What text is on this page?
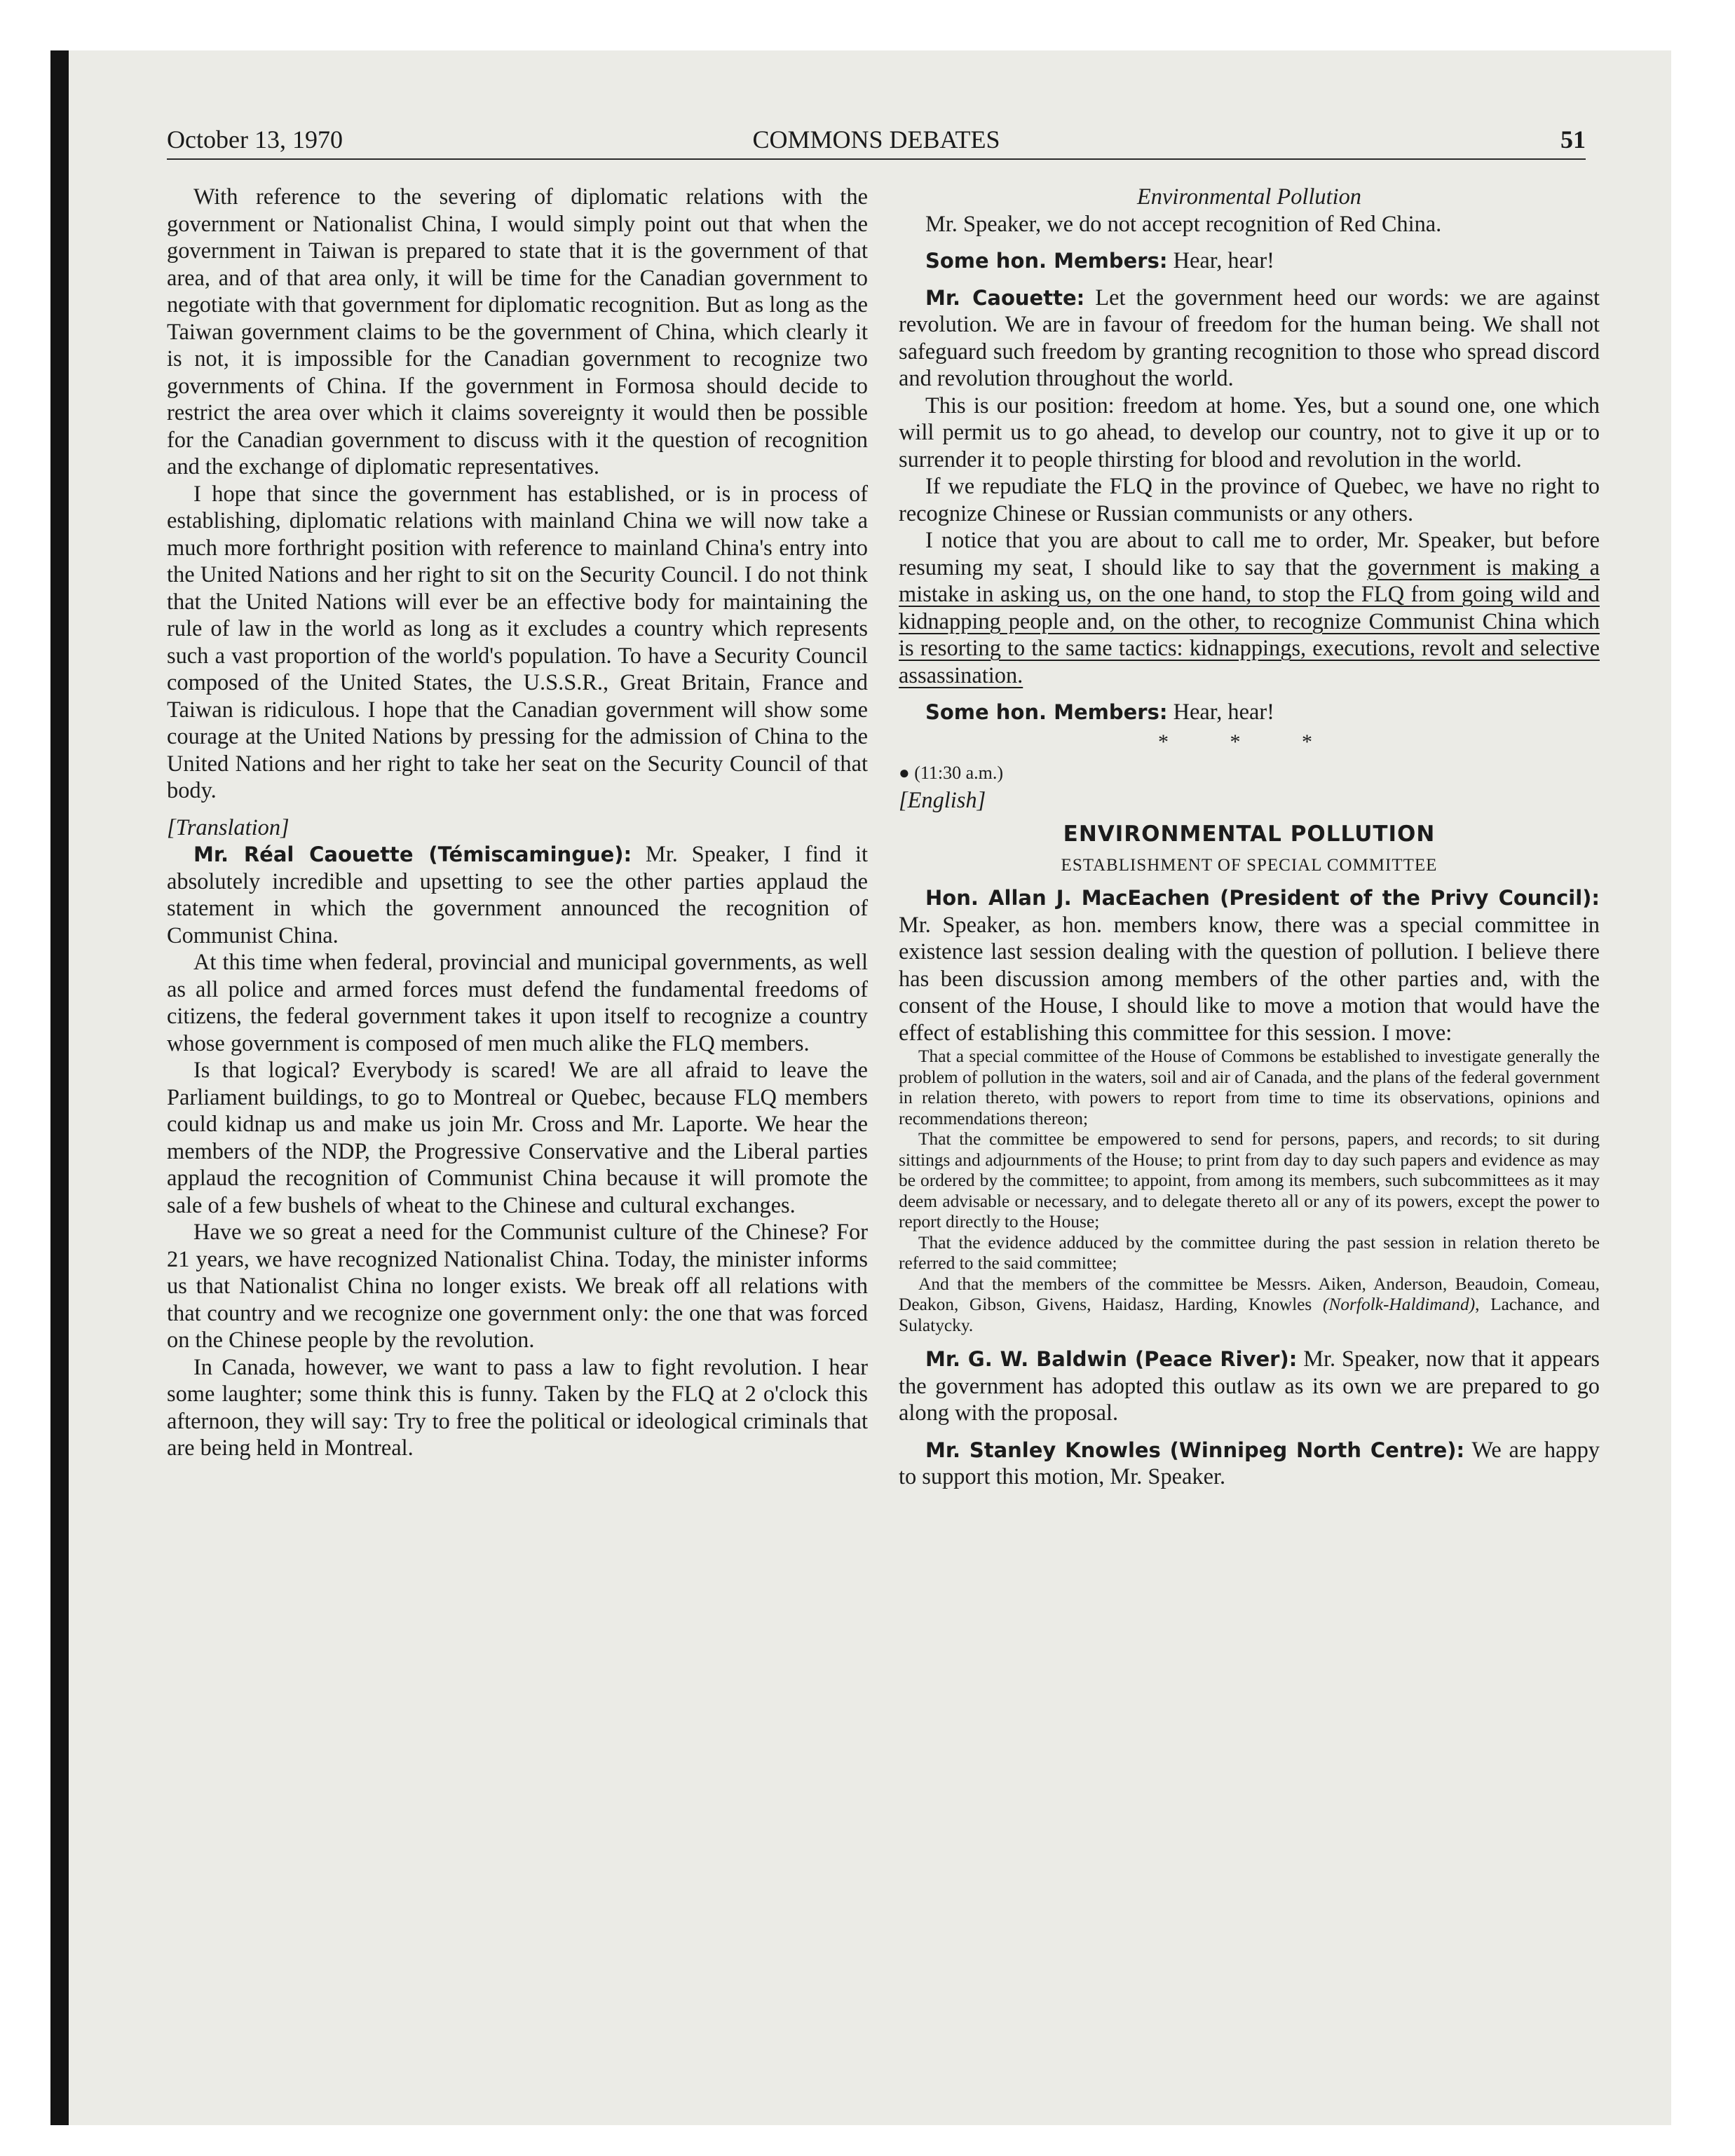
October 13, 1970	COMMONS DEBATES	51

With reference to the severing of diplomatic relations with the government or Nationalist China, I would simply point out that when the government in Taiwan is prepared to state that it is the government of that area, and of that area only, it will be time for the Canadian government to negotiate with that government for diplomatic recognition. But as long as the Taiwan government claims to be the government of China, which clearly it is not, it is impossible for the Canadian government to recognize two governments of China. If the government in Formosa should decide to restrict the area over which it claims sovereignty it would then be possible for the Canadian government to discuss with it the question of recognition and the exchange of diplomatic representatives.

I hope that since the government has established, or is in process of establishing, diplomatic relations with mainland China we will now take a much more forthright position with reference to mainland China's entry into the United Nations and her right to sit on the Security Council. I do not think that the United Nations will ever be an effective body for maintaining the rule of law in the world as long as it excludes a country which represents such a vast proportion of the world's population. To have a Security Council composed of the United States, the U.S.S.R., Great Britain, France and Taiwan is ridiculous. I hope that the Canadian government will show some courage at the United Nations by pressing for the admission of China to the United Nations and her right to take her seat on the Security Council of that body.

[Translation]

Mr. Réal Caouette (Témiscamingue): Mr. Speaker, I find it absolutely incredible and upsetting to see the other parties applaud the statement in which the government announced the recognition of Communist China.

At this time when federal, provincial and municipal governments, as well as all police and armed forces must defend the fundamental freedoms of citizens, the federal government takes it upon itself to recognize a country whose government is composed of men much alike the FLQ members.

Is that logical? Everybody is scared! We are all afraid to leave the Parliament buildings, to go to Montreal or Quebec, because FLQ members could kidnap us and make us join Mr. Cross and Mr. Laporte. We hear the members of the NDP, the Progressive Conservative and the Liberal parties applaud the recognition of Communist China because it will promote the sale of a few bushels of wheat to the Chinese and cultural exchanges.

Have we so great a need for the Communist culture of the Chinese? For 21 years, we have recognized Nationalist China. Today, the minister informs us that Nationalist China no longer exists. We break off all relations with that country and we recognize one government only: the one that was forced on the Chinese people by the revolution.

In Canada, however, we want to pass a law to fight revolution. I hear some laughter; some think this is funny. Taken by the FLQ at 2 o'clock this afternoon, they will say: Try to free the political or ideological criminals that are being held in Montreal.

Environmental Pollution

Mr. Speaker, we do not accept recognition of Red China.

Some hon. Members: Hear, hear!

Mr. Caouette: Let the government heed our words: we are against revolution. We are in favour of freedom for the human being. We shall not safeguard such freedom by granting recognition to those who spread discord and revolution throughout the world.

This is our position: freedom at home. Yes, but a sound one, one which will permit us to go ahead, to develop our country, not to give it up or to surrender it to people thirsting for blood and revolution in the world.

If we repudiate the FLQ in the province of Quebec, we have no right to recognize Chinese or Russian communists or any others.

I notice that you are about to call me to order, Mr. Speaker, but before resuming my seat, I should like to say that the government is making a mistake in asking us, on the one hand, to stop the FLQ from going wild and kidnapping people and, on the other, to recognize Communist China which is resorting to the same tactics: kidnappings, executions, revolt and selective assassination.

Some hon. Members: Hear, hear!

* * *

● (11:30 a.m.)

[English]

ENVIRONMENTAL POLLUTION

ESTABLISHMENT OF SPECIAL COMMITTEE

Hon. Allan J. MacEachen (President of the Privy Council): Mr. Speaker, as hon. members know, there was a special committee in existence last session dealing with the question of pollution. I believe there has been discussion among members of the other parties and, with the consent of the House, I should like to move a motion that would have the effect of establishing this committee for this session. I move:

That a special committee of the House of Commons be established to investigate generally the problem of pollution in the waters, soil and air of Canada, and the plans of the federal government in relation thereto, with powers to report from time to time its observations, opinions and recommendations thereon;

That the committee be empowered to send for persons, papers, and records; to sit during sittings and adjournments of the House; to print from day to day such papers and evidence as may be ordered by the committee; to appoint, from among its members, such subcommittees as it may deem advisable or necessary, and to delegate thereto all or any of its powers, except the power to report directly to the House;

That the evidence adduced by the committee during the past session in relation thereto be referred to the said committee;

And that the members of the committee be Messrs. Aiken, Anderson, Beaudoin, Comeau, Deakon, Gibson, Givens, Haidasz, Harding, Knowles (Norfolk-Haldimand), Lachance, and Sulatycky.

Mr. G. W. Baldwin (Peace River): Mr. Speaker, now that it appears the government has adopted this outlaw as its own we are prepared to go along with the proposal.

Mr. Stanley Knowles (Winnipeg North Centre): We are happy to support this motion, Mr. Speaker.
